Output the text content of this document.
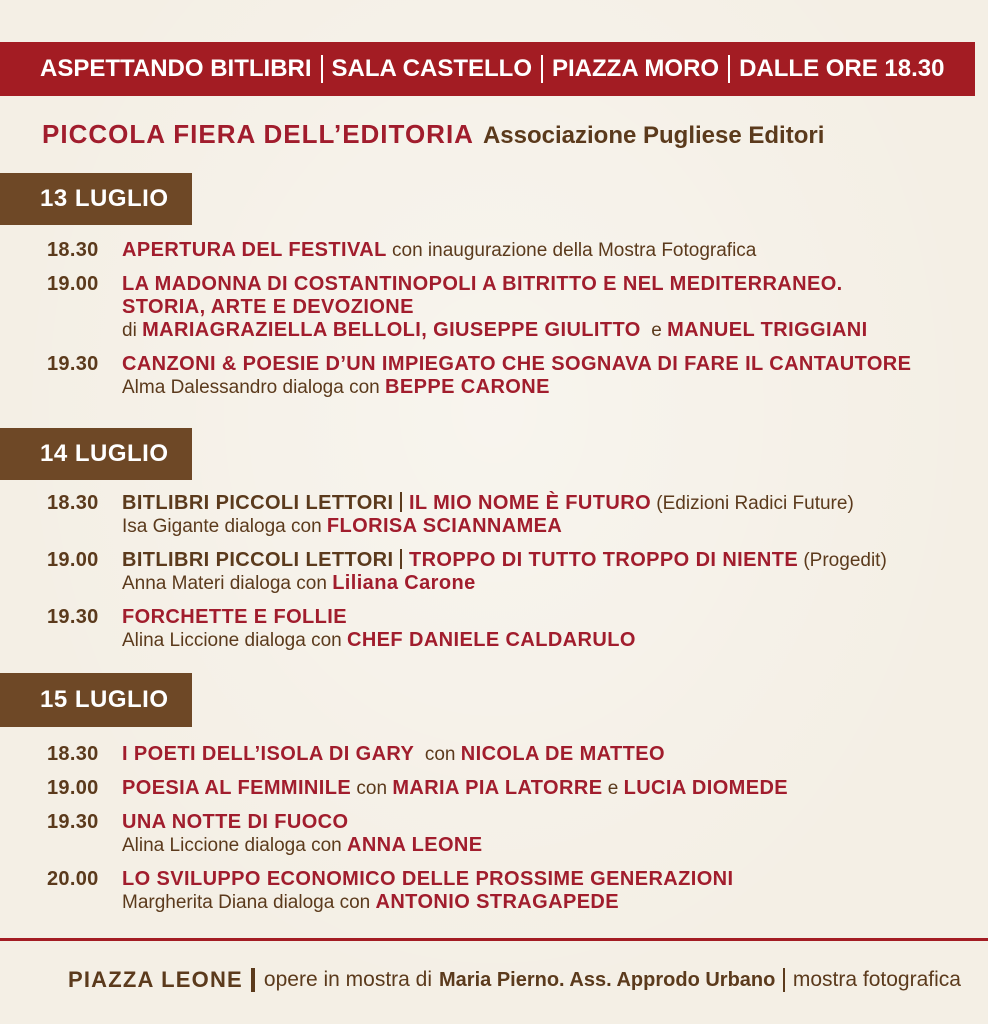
ASPETTANDO BITLIBRI SALA CASTELLO PIAZZA MORO DALLE ORE 18.30
PICCOLA FIERA DELL’EDITORIA Associazione Pugliese Editori
13 LUGLIO
18.30	APERTURA DEL FESTIVAL con inaugurazione della Mostra Fotografica
19.00	LA MADONNA DI COSTANTINOPOLI A BITRITTO E NEL MEDITERRANEO.
STORIA, ARTE E DEVOZIONE
di MARIAGRAZIELLA BELLOLI, GIUSEPPE GIULITTO  e MANUEL TRIGGIANI
19.30	CANZONI & POESIE D’UN IMPIEGATO CHE SOGNAVA DI FARE IL CANTAUTORE
Alma Dalessandro dialoga con BEPPE CARONE
14 LUGLIO
18.30	BITLIBRI PICCOLI LETTORI IL MIO NOME È FUTURO (Edizioni Radici Future)
Isa Gigante dialoga con FLORISA SCIANNAMEA
19.00	BITLIBRI PICCOLI LETTORI TROPPO DI TUTTO TROPPO DI NIENTE (Progedit)
Anna Materi dialoga con Liliana Carone
19.30	FORCHETTE E FOLLIE
Alina Liccione dialoga con CHEF DANIELE CALDARULO
15 LUGLIO
18.30	I POETI DELL’ISOLA DI GARY  con NICOLA DE MATTEO
19.00	POESIA AL FEMMINILE con MARIA PIA LATORRE e LUCIA DIOMEDE
19.30	UNA NOTTE DI FUOCO
Alina Liccione dialoga con ANNA LEONE
20.00	LO SVILUPPO ECONOMICO DELLE PROSSIME GENERAZIONI
Margherita Diana dialoga con ANTONIO STRAGAPEDE
PIAZZA LEONE opere in mostra di Maria Pierno. Ass. Approdo Urbano mostra fotografica
